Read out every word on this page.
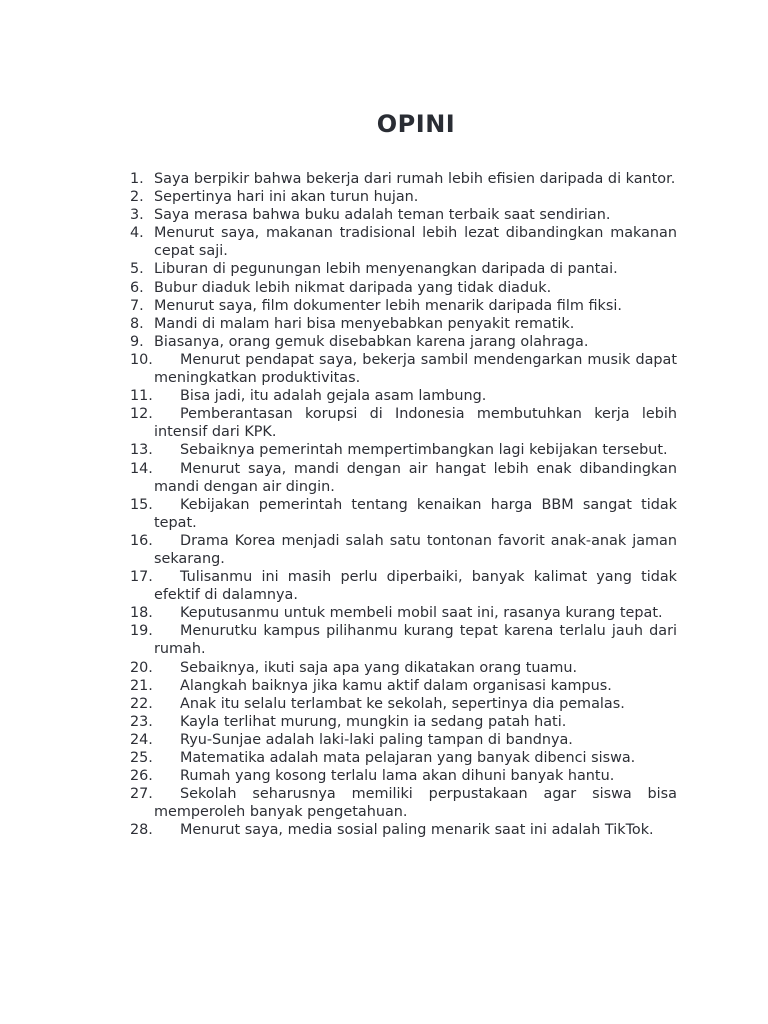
OPINI
1. Saya berpikir bahwa bekerja dari rumah lebih efisien daripada di kantor.
2. Sepertinya hari ini akan turun hujan.
3. Saya merasa bahwa buku adalah teman terbaik saat sendirian.
4. Menurut saya, makanan tradisional lebih lezat dibandingkan makanan cepat saji.
5. Liburan di pegunungan lebih menyenangkan daripada di pantai.
6. Bubur diaduk lebih nikmat daripada yang tidak diaduk.
7. Menurut saya, film dokumenter lebih menarik daripada film fiksi.
8. Mandi di malam hari bisa menyebabkan penyakit rematik.
9. Biasanya, orang gemuk disebabkan karena jarang olahraga.
10. Menurut pendapat saya, bekerja sambil mendengarkan musik dapat meningkatkan produktivitas.
11. Bisa jadi, itu adalah gejala asam lambung.
12. Pemberantasan korupsi di Indonesia membutuhkan kerja lebih intensif dari KPK.
13. Sebaiknya pemerintah mempertimbangkan lagi kebijakan tersebut.
14. Menurut saya, mandi dengan air hangat lebih enak dibandingkan mandi dengan air dingin.
15. Kebijakan pemerintah tentang kenaikan harga BBM sangat tidak tepat.
16. Drama Korea menjadi salah satu tontonan favorit anak-anak jaman sekarang.
17. Tulisanmu ini masih perlu diperbaiki, banyak kalimat yang tidak efektif di dalamnya.
18. Keputusanmu untuk membeli mobil saat ini, rasanya kurang tepat.
19. Menurutku kampus pilihanmu kurang tepat karena terlalu jauh dari rumah.
20. Sebaiknya, ikuti saja apa yang dikatakan orang tuamu.
21. Alangkah baiknya jika kamu aktif dalam organisasi kampus.
22. Anak itu selalu terlambat ke sekolah, sepertinya dia pemalas.
23. Kayla terlihat murung, mungkin ia sedang patah hati.
24. Ryu-Sunjae adalah laki-laki paling tampan di bandnya.
25. Matematika adalah mata pelajaran yang banyak dibenci siswa.
26. Rumah yang kosong terlalu lama akan dihuni banyak hantu.
27. Sekolah seharusnya memiliki perpustakaan agar siswa bisa memperoleh banyak pengetahuan.
28. Menurut saya, media sosial paling menarik saat ini adalah TikTok.
